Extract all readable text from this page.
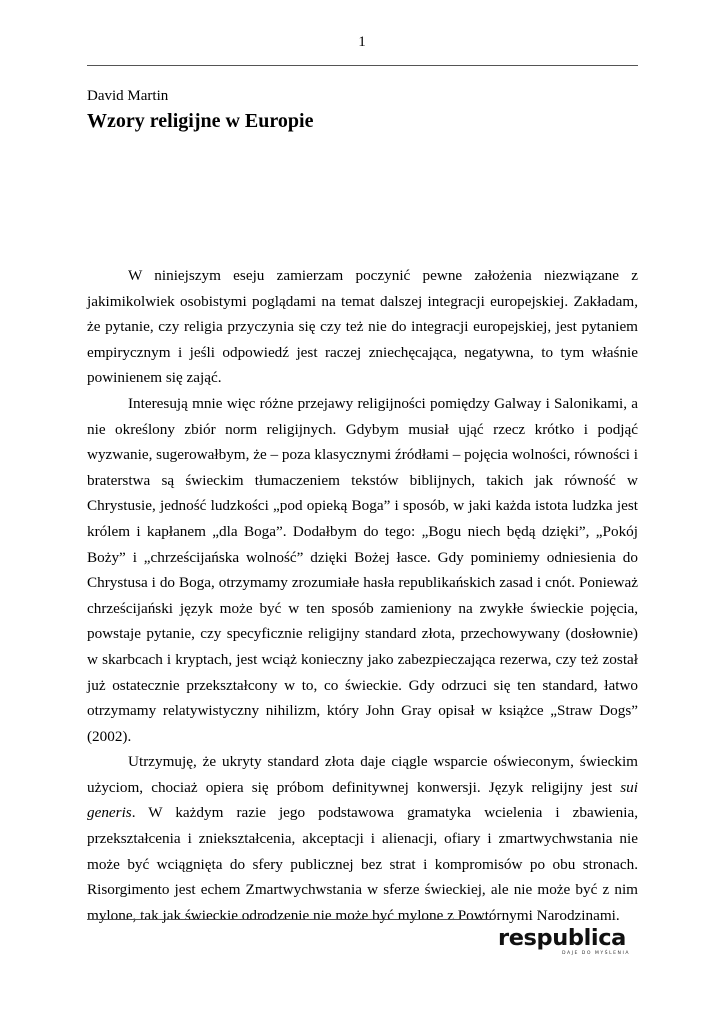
1
David Martin
Wzory religijne w Europie

W niniejszym eseju zamierzam poczynić pewne założenia niezwiązane z jakimikolwiek osobistymi poglądami na temat dalszej integracji europejskiej. Zakładam, że pytanie, czy religia przyczynia się czy też nie do integracji europejskiej, jest pytaniem empirycznym i jeśli odpowiedź jest raczej zniechęcająca, negatywna, to tym właśnie powinienem się zająć.

Interesują mnie więc różne przejawy religijności pomiędzy Galway i Salonikami, a nie określony zbiór norm religijnych. Gdybym musiał ująć rzecz krótko i podjąć wyzwanie, sugerowałbym, że – poza klasycznymi źródłami – pojęcia wolności, równości i braterstwa są świeckim tłumaczeniem tekstów biblijnych, takich jak równość w Chrystusie, jedność ludzkości „pod opieką Boga” i sposób, w jaki każda istota ludzka jest królem i kapłanem „dla Boga”. Dodałbym do tego: „Bogu niech będą dzięki”, „Pokój Boży” i „chrześcijańska wolność” dzięki Bożej łasce. Gdy pominiemy odniesienia do Chrystusa i do Boga, otrzymamy zrozumiałe hasła republikańskich zasad i cnót. Ponieważ chrześcijański język może być w ten sposób zamieniony na zwykłe świeckie pojęcia, powstaje pytanie, czy specyficznie religijny standard złota, przechowywany (dosłownie) w skarbcach i kryptach, jest wciąż konieczny jako zabezpieczająca rezerwa, czy też został już ostatecznie przekształcony w to, co świeckie. Gdy odrzuci się ten standard, łatwo otrzymamy relatywistyczny nihilizm, który John Gray opisał w książce „Straw Dogs” (2002).

Utrzymuję, że ukryty standard złota daje ciągle wsparcie oświeconym, świeckim użyciom, chociaż opiera się próbom definitywnej konwersji. Język religijny jest sui generis. W każdym razie jego podstawowa gramatyka wcielenia i zbawienia, przekształcenia i zniekształcenia, akceptacji i alienacji, ofiary i zmartwychwstania nie może być wciągnięta do sfery publicznej bez strat i kompromisów po obu stronach. Risorgimento jest echem Zmartwychwstania w sferze świeckiej, ale nie może być z nim mylone, tak jak świeckie odrodzenie nie może być mylone z Powtórnymi Narodzinami.

respublica
DAJE DO MYŚLENIA
